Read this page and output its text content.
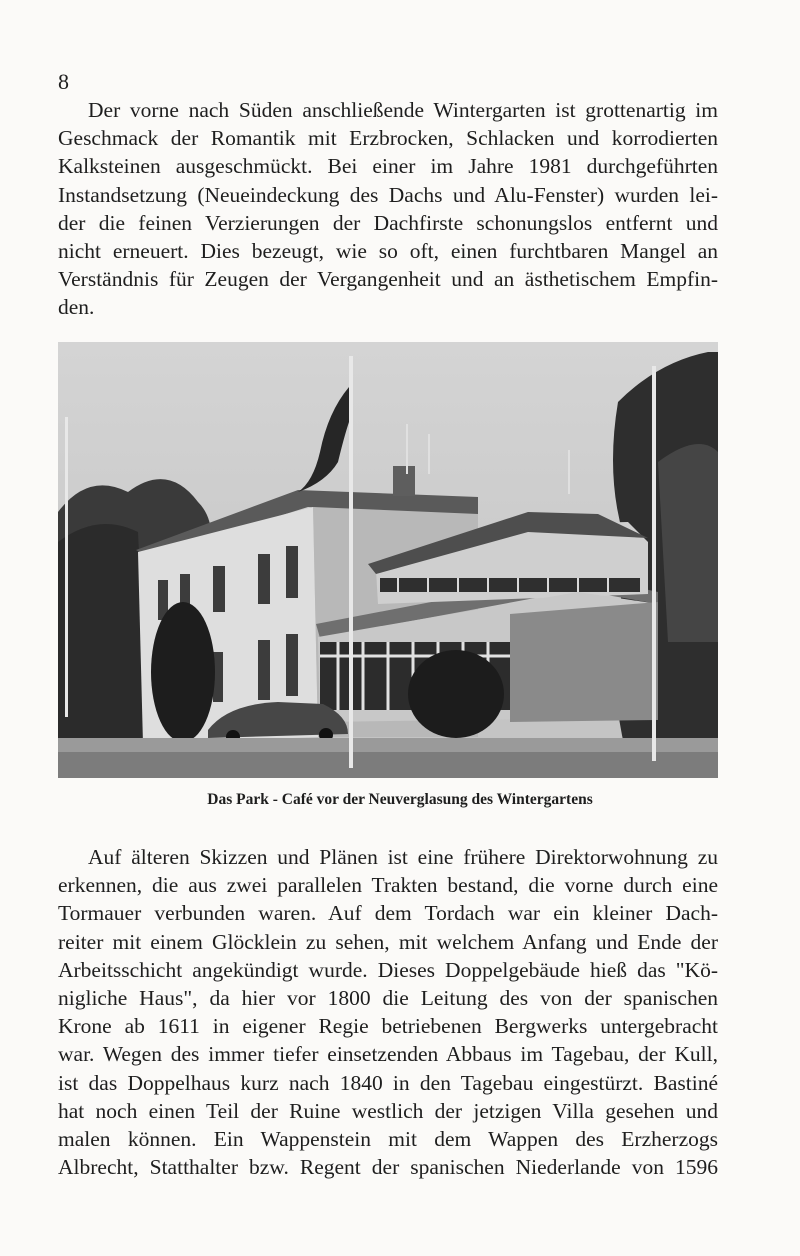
8

Der vorne nach Süden anschließende Wintergarten ist grottenartig im
Geschmack der Romantik mit Erzbrocken, Schlacken und korrodierten
Kalksteinen ausgeschmückt. Bei einer im Jahre 1981 durchgeführten
Instandsetzung (Neueindeckung des Dachs und Alu-Fenster) wurden lei-
der die feinen Verzierungen der Dachfirste schonungslos entfernt und
nicht erneuert. Dies bezeugt, wie so oft, einen furchtbaren Mangel an
Verständnis für Zeugen der Vergangenheit und an ästhetischem Empfin-
den.

Das Park - Café vor der Neuverglasung des Wintergartens

Auf älteren Skizzen und Plänen ist eine frühere Direktorwohnung zu
erkennen, die aus zwei parallelen Trakten bestand, die vorne durch eine
Tormauer verbunden waren. Auf dem Tordach war ein kleiner Dach-
reiter mit einem Glöcklein zu sehen, mit welchem Anfang und Ende der
Arbeitsschicht angekündigt wurde. Dieses Doppelgebäude hieß das "Kö-
nigliche Haus", da hier vor 1800 die Leitung des von der spanischen
Krone ab 1611 in eigener Regie betriebenen Bergwerks untergebracht
war. Wegen des immer tiefer einsetzenden Abbaus im Tagebau, der Kull,
ist das Doppelhaus kurz nach 1840 in den Tagebau eingestürzt. Bastiné
hat noch einen Teil der Ruine westlich der jetzigen Villa gesehen und
malen können. Ein Wappenstein mit dem Wappen des Erzherzogs
Albrecht, Statthalter bzw. Regent der spanischen Niederlande von 1596
